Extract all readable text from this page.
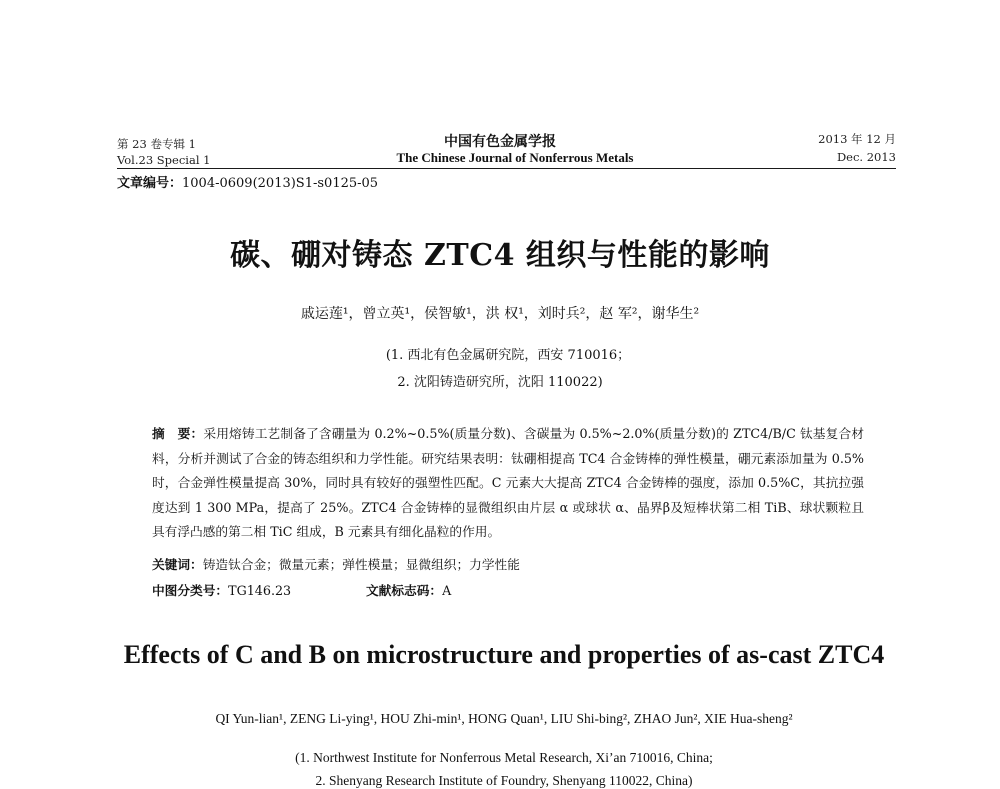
第 23 卷专辑 1
Vol.23 Special 1
中国有色金属学报
The Chinese Journal of Nonferrous Metals
2013 年 12 月
Dec. 2013
文章编号：1004-0609(2013)S1-s0125-05
碳、硼对铸态 ZTC4 组织与性能的影响
戚运莲¹，曾立英¹，侯智敏¹，洪 权¹，刘时兵²，赵 军²，谢华生²
(1. 西北有色金属研究院，西安 710016；
2. 沈阳铸造研究所，沈阳 110022)
摘　要：采用熔铸工艺制备了含硼量为 0.2%~0.5%(质量分数)、含碳量为 0.5%~2.0%(质量分数)的 ZTC4/B/C 钛基复合材料，分析并测试了合金的铸态组织和力学性能。研究结果表明：钛硼相提高 TC4 合金铸棒的弹性模量，硼元素添加量为 0.5%时，合金弹性模量提高 30%，同时具有较好的强塑性匹配。C 元素大大提高 ZTC4 合金铸棒的强度，添加 0.5%C，其抗拉强度达到 1 300 MPa，提高了 25%。ZTC4 合金铸棒的显微组织由片层 α 或球状 α、晶界β及短棒状第二相 TiB、球状颗粒且具有浮凸感的第二相 TiC 组成，B 元素具有细化晶粒的作用。
关键词：铸造钛合金；微量元素；弹性模量；显微组织；力学性能
中图分类号：TG146.23	文献标志码：A
Effects of C and B on microstructure and properties of as-cast ZTC4
QI Yun-lian¹, ZENG Li-ying¹, HOU Zhi-min¹, HONG Quan¹, LIU Shi-bing², ZHAO Jun², XIE Hua-sheng²
(1. Northwest Institute for Nonferrous Metal Research, Xi’an 710016, China;
2. Shenyang Research Institute of Foundry, Shenyang 110022, China)
